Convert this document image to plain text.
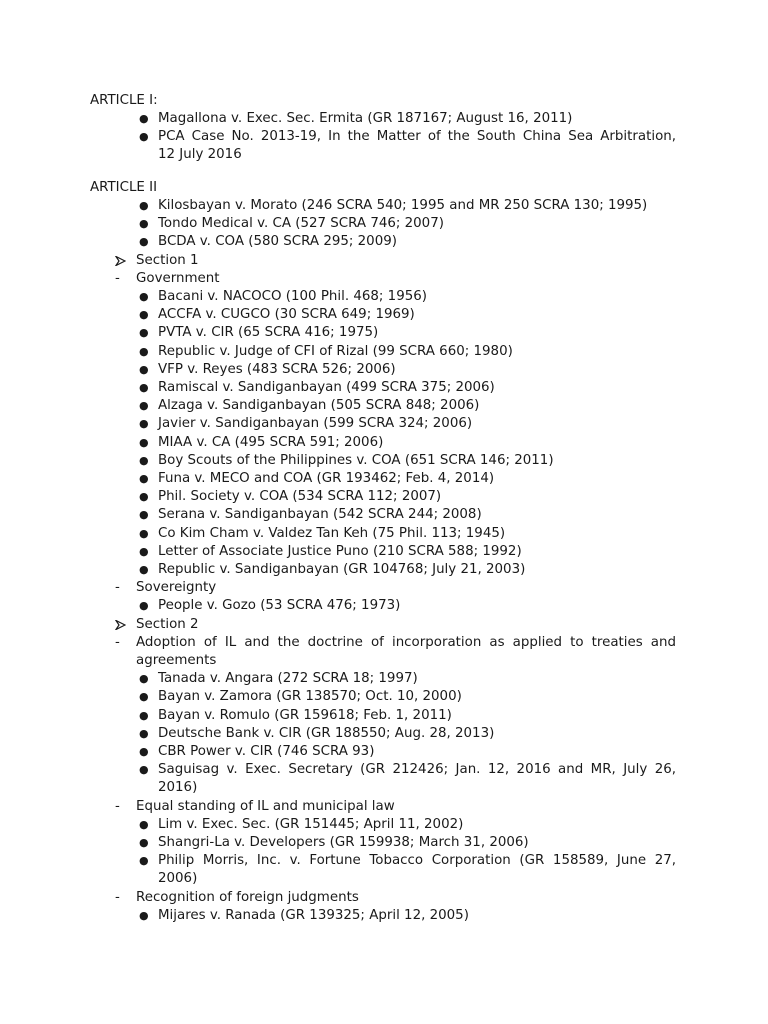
ARTICLE I:
● Magallona v. Exec. Sec. Ermita (GR 187167; August 16, 2011)
● PCA Case No. 2013-19, In the Matter of the South China Sea Arbitration,
12 July 2016
ARTICLE II
● Kilosbayan v. Morato (246 SCRA 540; 1995 and MR 250 SCRA 130; 1995)
● Tondo Medical v. CA (527 SCRA 746; 2007)
● BCDA v. COA (580 SCRA 295; 2009)
Section 1
- Government
● Bacani v. NACOCO (100 Phil. 468; 1956)
● ACCFA v. CUGCO (30 SCRA 649; 1969)
● PVTA v. CIR (65 SCRA 416; 1975)
● Republic v. Judge of CFI of Rizal (99 SCRA 660; 1980)
● VFP v. Reyes (483 SCRA 526; 2006)
● Ramiscal v. Sandiganbayan (499 SCRA 375; 2006)
● Alzaga v. Sandiganbayan (505 SCRA 848; 2006)
● Javier v. Sandiganbayan (599 SCRA 324; 2006)
● MIAA v. CA (495 SCRA 591; 2006)
● Boy Scouts of the Philippines v. COA (651 SCRA 146; 2011)
● Funa v. MECO and COA (GR 193462; Feb. 4, 2014)
● Phil. Society v. COA (534 SCRA 112; 2007)
● Serana v. Sandiganbayan (542 SCRA 244; 2008)
● Co Kim Cham v. Valdez Tan Keh (75 Phil. 113; 1945)
● Letter of Associate Justice Puno (210 SCRA 588; 1992)
● Republic v. Sandiganbayan (GR 104768; July 21, 2003)
- Sovereignty
● People v. Gozo (53 SCRA 476; 1973)
Section 2
- Adoption of IL and the doctrine of incorporation as applied to treaties and
agreements
● Tanada v. Angara (272 SCRA 18; 1997)
● Bayan v. Zamora (GR 138570; Oct. 10, 2000)
● Bayan v. Romulo (GR 159618; Feb. 1, 2011)
● Deutsche Bank v. CIR (GR 188550; Aug. 28, 2013)
● CBR Power v. CIR (746 SCRA 93)
● Saguisag v. Exec. Secretary (GR 212426; Jan. 12, 2016 and MR, July 26,
2016)
- Equal standing of IL and municipal law
● Lim v. Exec. Sec. (GR 151445; April 11, 2002)
● Shangri-La v. Developers (GR 159938; March 31, 2006)
● Philip Morris, Inc. v. Fortune Tobacco Corporation (GR 158589, June 27,
2006)
- Recognition of foreign judgments
● Mijares v. Ranada (GR 139325; April 12, 2005)
